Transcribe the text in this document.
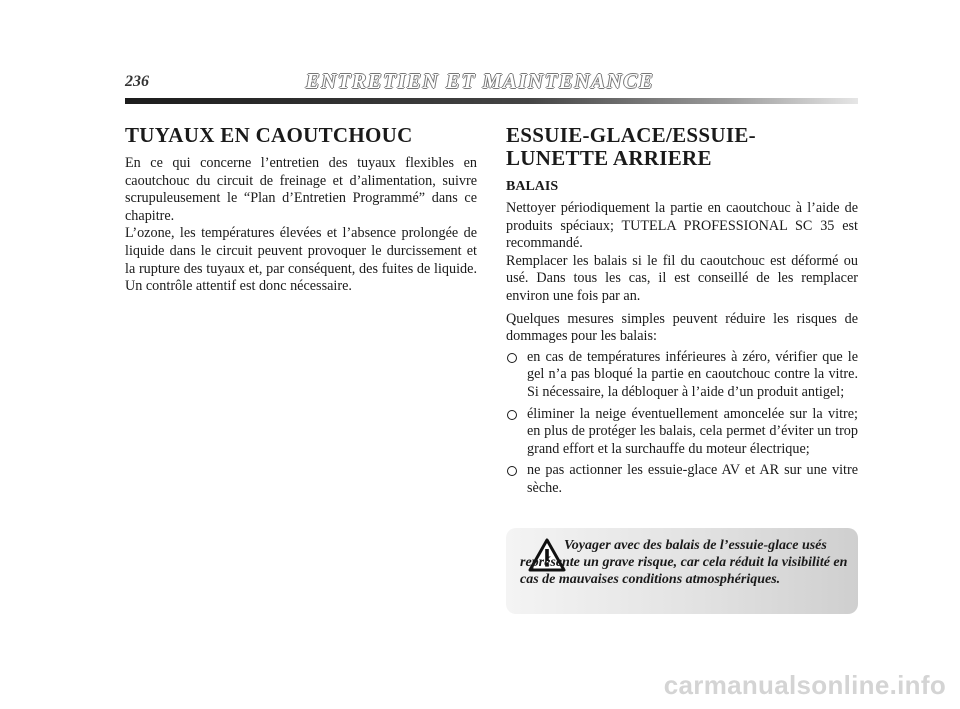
236	ENTRETIEN ET MAINTENANCE
TUYAUX EN CAOUTCHOUC

En ce qui concerne l’entretien des tuyaux flexibles en caoutchouc du circuit de freinage et d’alimentation, suivre scrupuleusement le “Plan d’Entretien Programmé” dans ce chapitre.

L’ozone, les températures élevées et l’absence prolongée de liquide dans le circuit peuvent provoquer le durcissement et la rupture des tuyaux et, par conséquent, des fuites de liquide. Un contrôle attentif est donc nécessaire.

ESSUIE-GLACE/ESSUIE-LUNETTE ARRIERE
BALAIS

Nettoyer périodiquement la partie en caoutchouc à l’aide de produits spéciaux; TUTELA PROFESSIONAL SC 35 est recommandé.

Remplacer les balais si le fil du caoutchouc est déformé ou usé. Dans tous les cas, il est conseillé de les remplacer environ une fois par an.

Quelques mesures simples peuvent réduire les risques de dommages pour les balais:

en cas de températures inférieures à zéro, vérifier que le gel n’a pas bloqué la partie en caoutchouc contre la vitre. Si nécessaire, la débloquer à l’aide d’un produit antigel;
éliminer la neige éventuellement amoncelée sur la vitre; en plus de protéger les balais, cela permet d’éviter un trop grand effort et la surchauffe du moteur électrique;
ne pas actionner les essuie-glace AV et AR sur une vitre sèche.
Voyager avec des balais de l’essuie-glace usés représente un grave risque, car cela réduit la visibilité en cas de mauvaises conditions atmosphériques.
carmanualsonline.info
